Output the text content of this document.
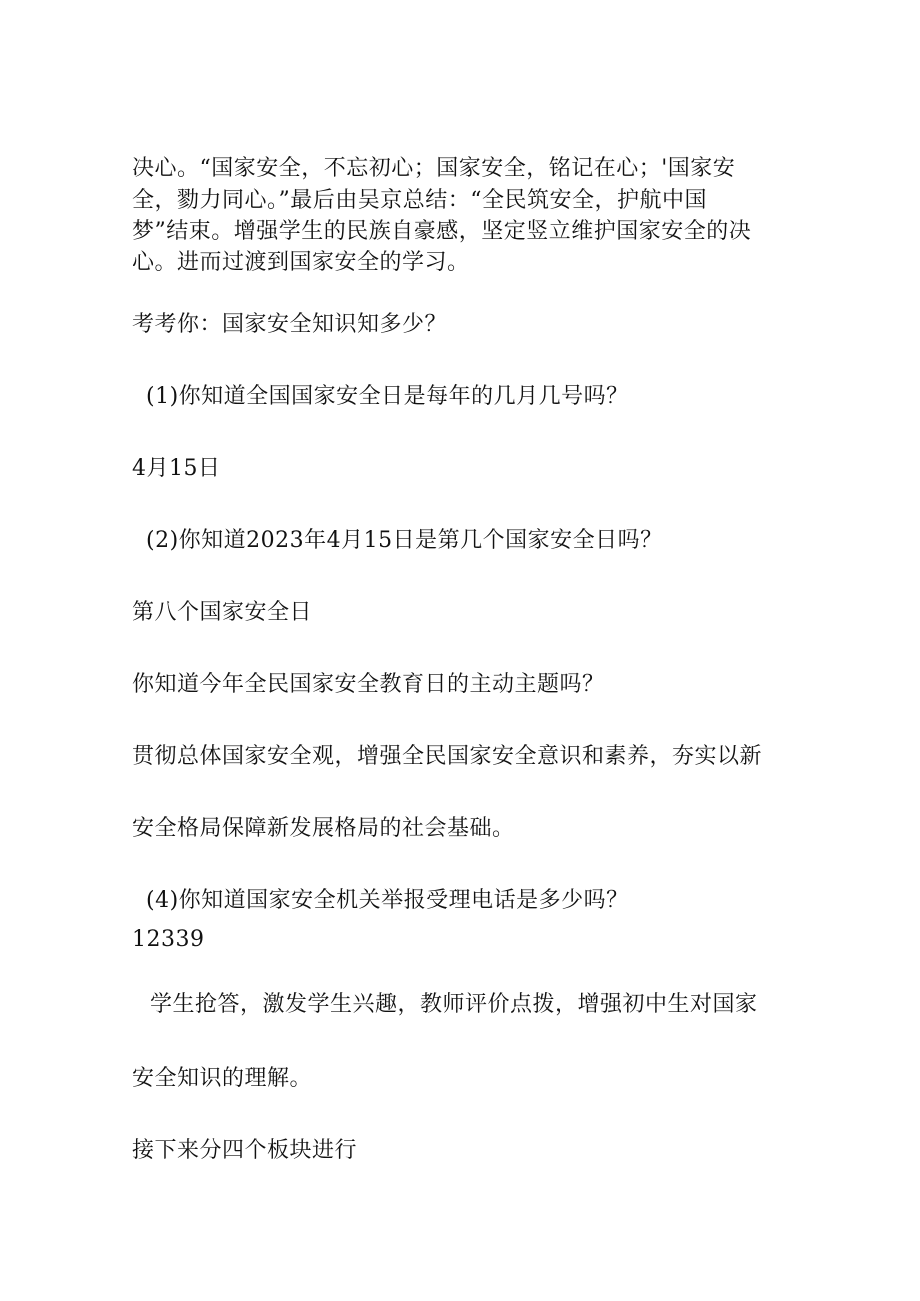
决心。“国家安全，不忘初心；国家安全，铭记在心；'国家安
全，勠力同心。”最后由吴京总结：“全民筑安全，护航中国
梦”结束。增强学生的民族自豪感，坚定竖立维护国家安全的决
心。进而过渡到国家安全的学习。
考考你：国家安全知识知多少？
(1)你知道全国国家安全日是每年的几月几号吗？
4月15日
(2)你知道2023年4月15日是第几个国家安全日吗？
第八个国家安全日
你知道今年全民国家安全教育日的主动主题吗？
贯彻总体国家安全观，增强全民国家安全意识和素养，夯实以新
安全格局保障新发展格局的社会基础。
(4)你知道国家安全机关举报受理电话是多少吗？
12339
学生抢答，激发学生兴趣，教师评价点拨，增强初中生对国家
安全知识的理解。
接下来分四个板块进行
